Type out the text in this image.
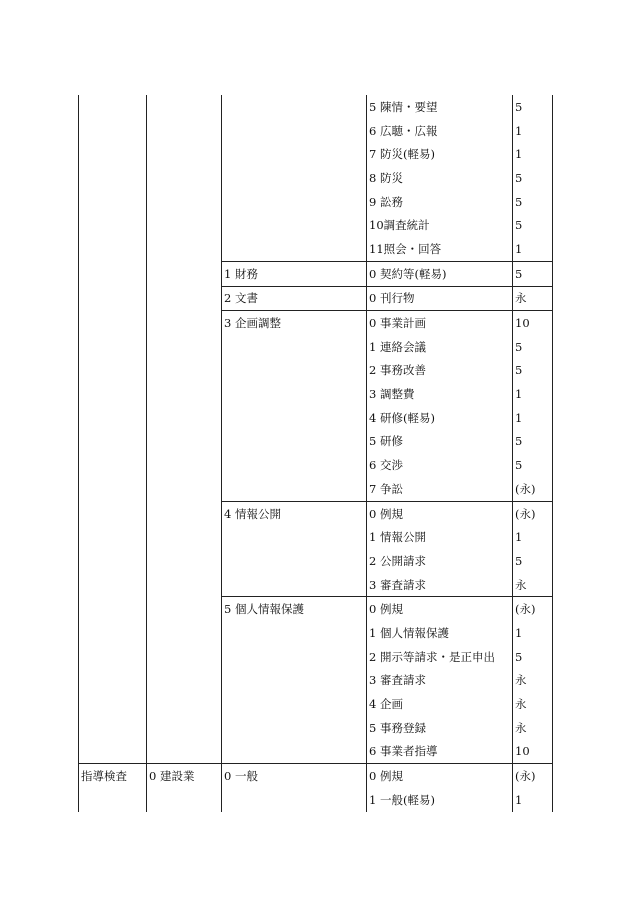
			5 陳情・要望	5
			6 広聴・広報	1
			7 防災(軽易)	1
			8 防災	5
			9 訟務	5
			10調査統計	5
			11照会・回答	1
		1 財務	0 契約等(軽易)	5
		2 文書	0 刊行物	永
		3 企画調整	0 事業計画	10
			1 連絡会議	5
			2 事務改善	5
			3 調整費	1
			4 研修(軽易)	1
			5 研修	5
			6 交渉	5
			7 争訟	(永)
		4 情報公開	0 例規	(永)
			1 情報公開	1
			2 公開請求	5
			3 審査請求	永
		5 個人情報保護	0 例規	(永)
			1 個人情報保護	1
			2 開示等請求・是正申出	5
			3 審査請求	永
			4 企画	永
			5 事務登録	永
			6 事業者指導	10
指導検査	0 建設業	0 一般	0 例規	(永)
			1 一般(軽易)	1
